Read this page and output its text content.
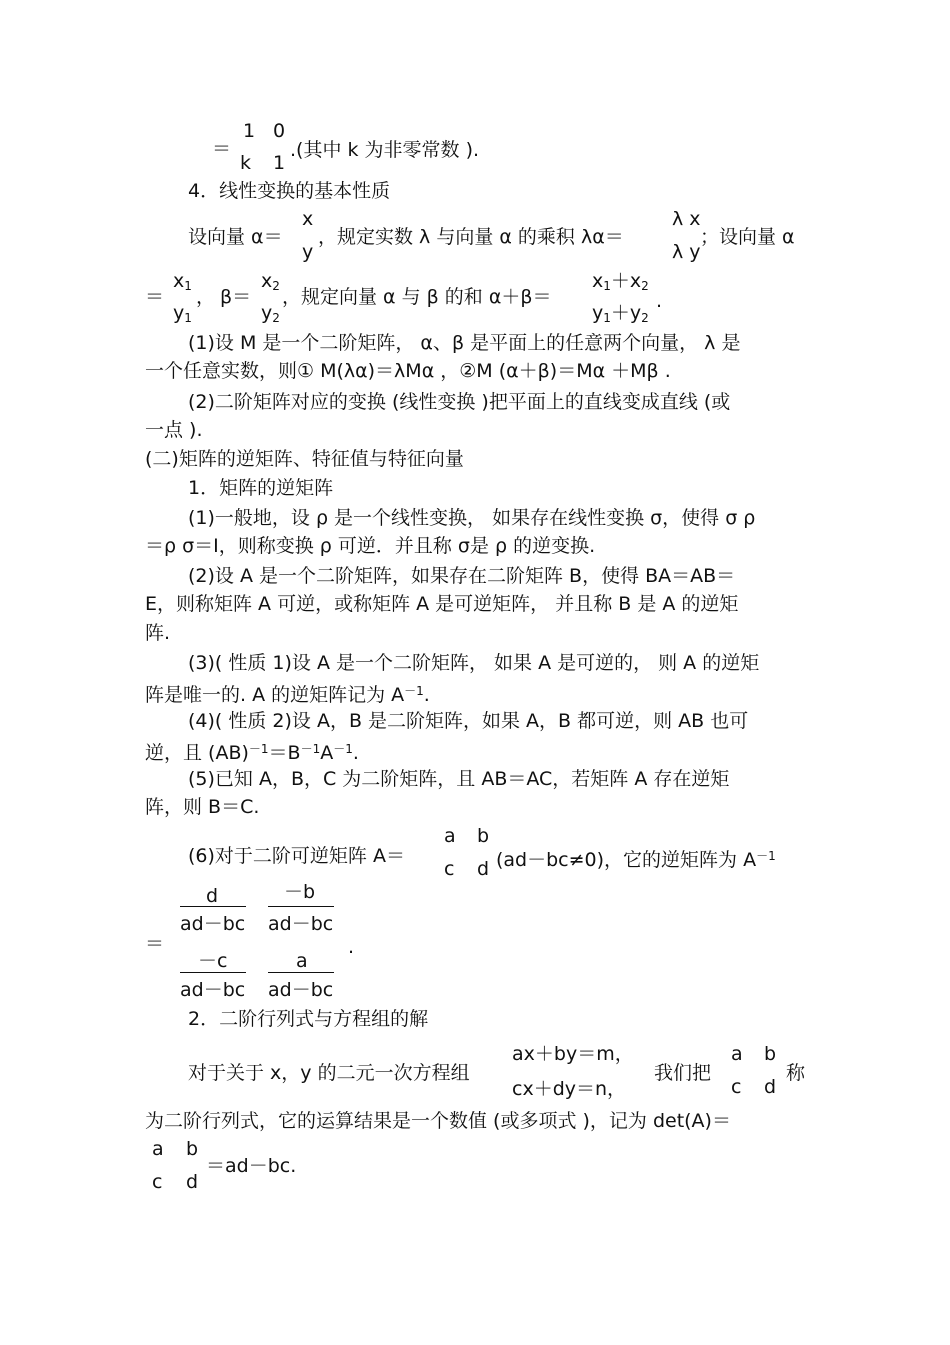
＝
1 0
k 1
.(其中 k 为非零常数 ).
4．线性变换的基本性质
设向量 α＝
x
y
，规定实数 λ 与向量 α 的乘积 λα＝
λ x
λ y
；设向量 α
＝
$x_1$
$y_1$
， β＝
$x_2$
$y_2$
，规定向量 α 与 β 的和 α＋β＝
$x_1+x_2$
$y_1+y_2$
.
(1)设 M 是一个二阶矩阵， α、β 是平面上的任意两个向量， λ 是
一个任意实数，则① M(λα)＝λMα ，②M (α＋β)＝Mα ＋Mβ .
(2)二阶矩阵对应的变换 (线性变换 )把平面上的直线变成直线 (或
一点 ).
(二)矩阵的逆矩阵、特征值与特征向量
1．矩阵的逆矩阵
(1)一般地，设 ρ 是一个线性变换， 如果存在线性变换 σ，使得 σ ρ
＝ρ σ＝I，则称变换 ρ 可逆．并且称 σ是 ρ 的逆变换.
(2)设 A 是一个二阶矩阵，如果存在二阶矩阵 B，使得 BA＝AB＝
E，则称矩阵 A 可逆，或称矩阵 A 是可逆矩阵， 并且称 B 是 A 的逆矩
阵.
(3)( 性质 1)设 A 是一个二阶矩阵， 如果 A 是可逆的， 则 A 的逆矩
阵是唯一的. A 的逆矩阵记为 $A^{-1}$.
(4)( 性质 2)设 A，B 是二阶矩阵，如果 A，B 都可逆，则 AB 也可
逆，且 $(AB)^{-1}=B^{-1}A^{-1}$.
(5)已知 A，B，C 为二阶矩阵，且 AB＝AC，若矩阵 A 存在逆矩
阵，则 B＝C.
(6)对于二阶可逆矩阵 A＝
a b
c d (ad－bc≠0)，它的逆矩阵为 $A^{-1}$
＝
d
ad－bc
－b
ad－bc
－c
ad－bc
a
ad－bc
.
2．二阶行列式与方程组的解
对于关于 x，y 的二元一次方程组
ax＋by＝m，
cx＋dy＝n，
我们把
a b
c d
称
为二阶行列式，它的运算结果是一个数值 (或多项式 )，记为 det(A)＝
a b
c d
＝ad－bc.
